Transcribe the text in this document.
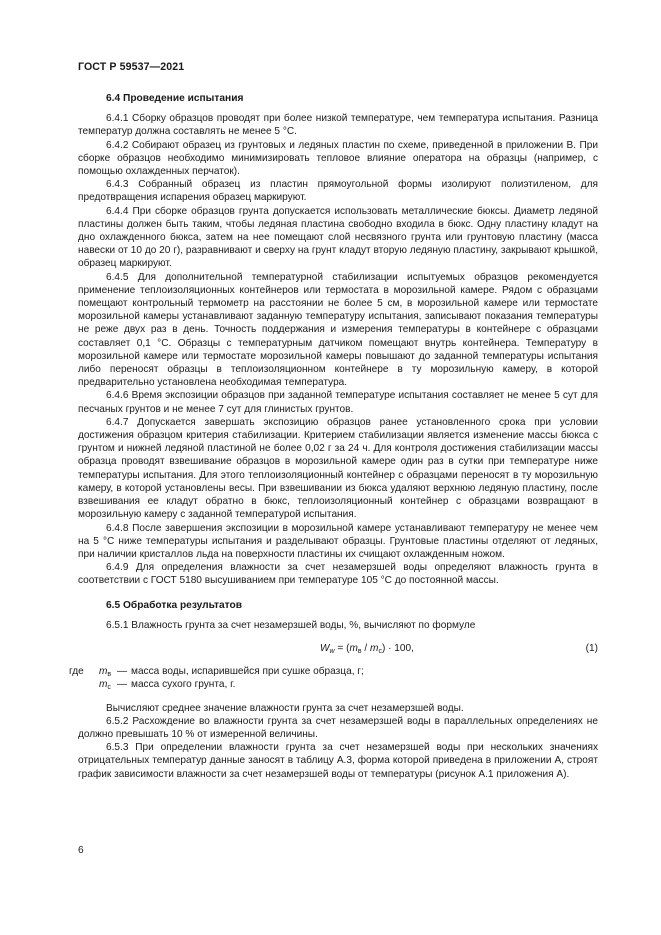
ГОСТ Р 59537—2021
6.4 Проведение испытания

6.4.1 Сборку образцов проводят при более низкой температуре, чем температура испытания. Разница температур должна составлять не менее 5 °С.

6.4.2 Собирают образец из грунтовых и ледяных пластин по схеме, приведенной в приложении В. При сборке образцов необходимо минимизировать тепловое влияние оператора на образцы (например, с помощью охлажденных перчаток).

6.4.3 Собранный образец из пластин прямоугольной формы изолируют полиэтиленом, для предотвращения испарения образец маркируют.

6.4.4 При сборке образцов грунта допускается использовать металлические бюксы. Диаметр ледяной пластины должен быть таким, чтобы ледяная пластина свободно входила в бюкс. Одну пластину кладут на дно охлажденного бюкса, затем на нее помещают слой несвязного грунта или грунтовую пластину (масса навески от 10 до 20 г), разравнивают и сверху на грунт кладут вторую ледяную пластину, закрывают крышкой, образец маркируют.

6.4.5 Для дополнительной температурной стабилизации испытуемых образцов рекомендуется применение теплоизоляционных контейнеров или термостата в морозильной камере. Рядом с образцами помещают контрольный термометр на расстоянии не более 5 см, в морозильной камере или термостате морозильной камеры устанавливают заданную температуру испытания, записывают показания температуры не реже двух раз в день. Точность поддержания и измерения температуры в контейнере с образцами составляет 0,1 °С. Образцы с температурным датчиком помещают внутрь контейнера. Температуру в морозильной камере или термостате морозильной камеры повышают до заданной температуры испытания либо переносят образцы в теплоизоляционном контейнере в ту морозильную камеру, в которой предварительно установлена необходимая температура.

6.4.6 Время экспозиции образцов при заданной температуре испытания составляет не менее 5 сут для песчаных грунтов и не менее 7 сут для глинистых грунтов.

6.4.7 Допускается завершать экспозицию образцов ранее установленного срока при условии достижения образцом критерия стабилизации. Критерием стабилизации является изменение массы бюкса с грунтом и нижней ледяной пластиной не более 0,02 г за 24 ч. Для контроля достижения стабилизации массы образца проводят взвешивание образцов в морозильной камере один раз в сутки при температуре ниже температуры испытания. Для этого теплоизоляционный контейнер с образцами переносят в ту морозильную камеру, в которой установлены весы. При взвешивании из бюкса удаляют верхнюю ледяную пластину, после взвешивания ее кладут обратно в бюкс, теплоизоляционный контейнер с образцами возвращают в морозильную камеру с заданной температурой испытания.

6.4.8 После завершения экспозиции в морозильной камере устанавливают температуру не менее чем на 5 °С ниже температуры испытания и разделывают образцы. Грунтовые пластины отделяют от ледяных, при наличии кристаллов льда на поверхности пластины их счищают охлажденным ножом.

6.4.9 Для определения влажности за счет незамерзшей воды определяют влажность грунта в соответствии с ГОСТ 5180 высушиванием при температуре 105 °С до постоянной массы.

6.5 Обработка результатов

6.5.1 Влажность грунта за счет незамерзшей воды, %, вычисляют по формуле

$W_w = (m_в / m_с) \cdot 100$,	(1)
где	$m_в$ — масса воды, испарившейся при сушке образца, г;
$m_с$ — масса сухого грунта, г.

Вычисляют среднее значение влажности грунта за счет незамерзшей воды.

6.5.2 Расхождение во влажности грунта за счет незамерзшей воды в параллельных определениях не должно превышать 10 % от измеренной величины.

6.5.3 При определении влажности грунта за счет незамерзшей воды при нескольких значениях отрицательных температур данные заносят в таблицу А.3, форма которой приведена в приложении А, строят график зависимости влажности за счет незамерзшей воды от температуры (рисунок А.1 приложения А).

6
